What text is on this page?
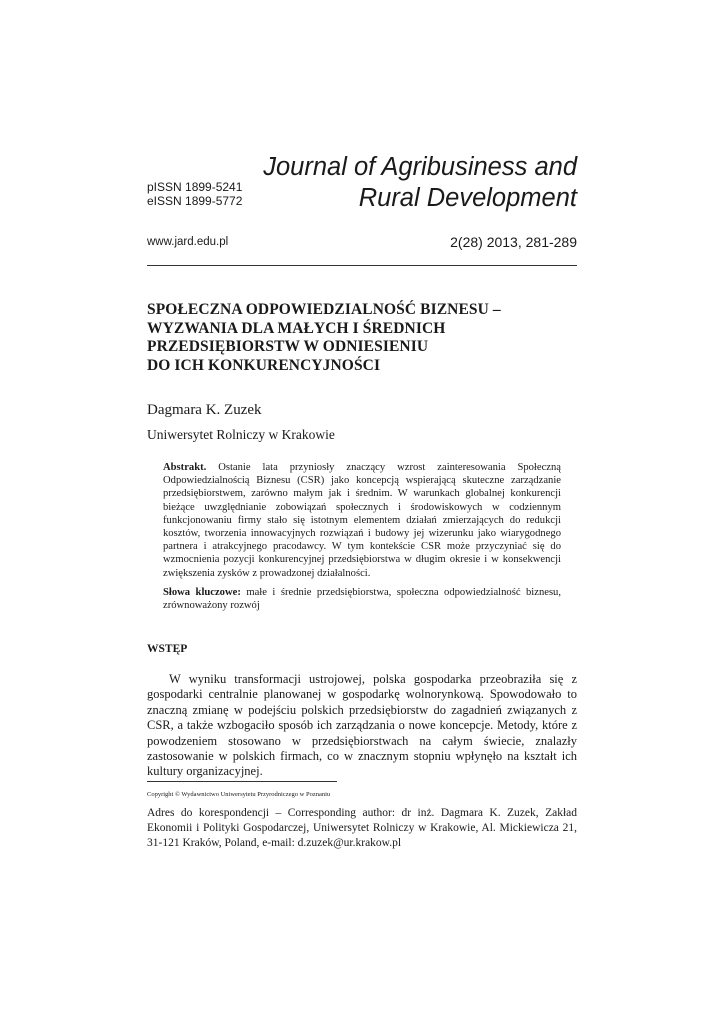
pISSN 1899-5241
eISSN 1899-5772
Journal of Agribusiness and
Rural Development
www.jard.edu.pl	2(28) 2013, 281-289
SPOŁECZNA ODPOWIEDZIALNOŚĆ BIZNESU –
WYZWANIA DLA MAŁYCH I ŚREDNICH
PRZEDSIĘBIORSTW W ODNIESIENIU
DO ICH KONKURENCYJNOŚCI
Dagmara K. Zuzek
Uniwersytet Rolniczy w Krakowie
Abstrakt. Ostanie lata przyniosły znaczący wzrost zainteresowania Społeczną Odpowiedzialnością Biznesu (CSR) jako koncepcją wspierającą skuteczne zarządzanie przedsiębiorstwem, zarówno małym jak i średnim. W warunkach globalnej konkurencji bieżące uwzględnianie zobowiązań społecznych i środowiskowych w codziennym funkcjonowaniu firmy stało się istotnym elementem działań zmierzających do redukcji kosztów, tworzenia innowacyjnych rozwiązań i budowy jej wizerunku jako wiarygodnego partnera i atrakcyjnego pracodawcy. W tym kontekście CSR może przyczyniać się do wzmocnienia pozycji konkurencyjnej przedsiębiorstwa w długim okresie i w konsekwencji zwiększenia zysków z prowadzonej działalności.
Słowa kluczowe: małe i średnie przedsiębiorstwa, społeczna odpowiedzialność biznesu, zrównoważony rozwój
WSTĘP
W wyniku transformacji ustrojowej, polska gospodarka przeobraziła się z gospodarki centralnie planowanej w gospodarkę wolnorynkową. Spowodowało to znaczną zmianę w podejściu polskich przedsiębiorstw do zagadnień związanych z CSR, a także wzbogaciło sposób ich zarządzania o nowe koncepcje. Metody, które z powodzeniem stosowano w przedsiębiorstwach na całym świecie, znalazły zastosowanie w polskich firmach, co w znacznym stopniu wpłynęło na kształt ich kultury organizacyjnej.
Copyright © Wydawnictwo Uniwersytetu Przyrodniczego w Poznaniu
Adres do korespondencji – Corresponding author: dr inż. Dagmara K. Zuzek, Zakład Ekonomii i Polityki Gospodarczej, Uniwersytet Rolniczy w Krakowie, Al. Mickiewicza 21, 31-121 Kraków, Poland, e-mail: d.zuzek@ur.krakow.pl
